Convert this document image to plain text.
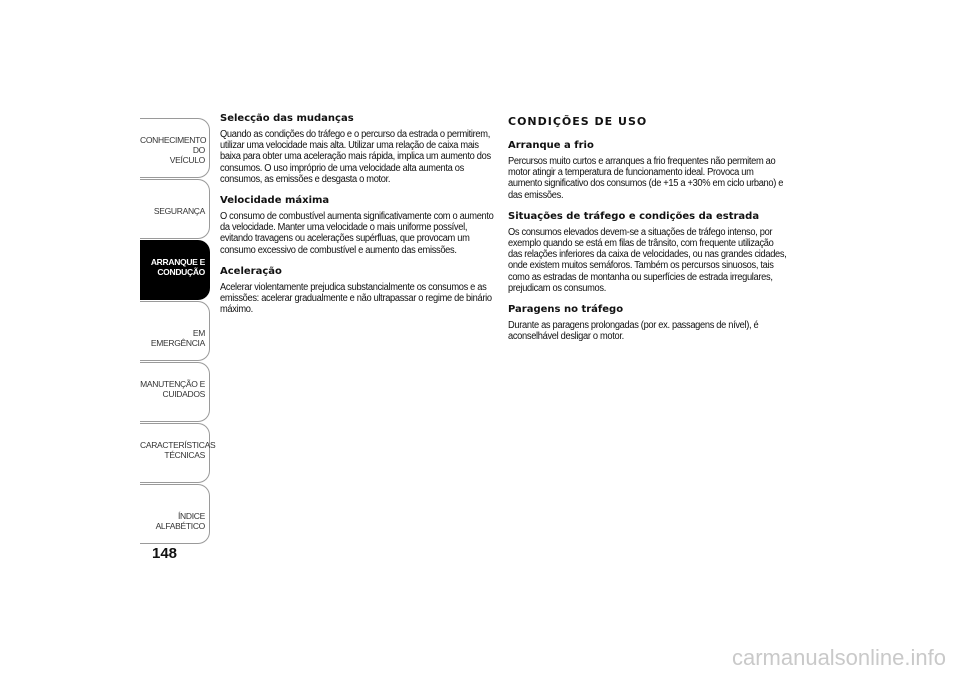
CONHECIMENTO DO
VEÍCULO

SEGURANÇA
ARRANQUE E
CONDUÇÃO

EM EMERGÊNCIA
MANUTENÇÃO E
CUIDADOS
CARACTERÍSTICAS
TÉCNICAS

ÍNDICE ALFABÉTICO
148
Selecção das mudanças

Quando as condições do tráfego e o percurso da estrada o permitirem, utilizar uma velocidade mais alta. Utilizar uma relação de caixa mais baixa para obter uma aceleração mais rápida, implica um aumento dos consumos. O uso impróprio de uma velocidade alta aumenta os consumos, as emissões e desgasta o motor.

Velocidade máxima

O consumo de combustível aumenta significativamente com o aumento da velocidade. Manter uma velocidade o mais uniforme possível, evitando travagens ou acelerações supérfluas, que provocam um consumo excessivo de combustível e aumento das emissões.

Aceleração

Acelerar violentamente prejudica substancialmente os consumos e as emissões: acelerar gradualmente e não ultrapassar o regime de binário máximo.

CONDIÇÕES DE USO
Arranque a frio

Percursos muito curtos e arranques a frio frequentes não permitem ao motor atingir a temperatura de funcionamento ideal. Provoca um aumento significativo dos consumos (de +15 a +30% em ciclo urbano) e das emissões.

Situações de tráfego e condições da estrada

Os consumos elevados devem-se a situações de tráfego intenso, por exemplo quando se está em filas de trânsito, com frequente utilização das relações inferiores da caixa de velocidades, ou nas grandes cidades, onde existem muitos semáforos. Também os percursos sinuosos, tais como as estradas de montanha ou superfícies de estrada irregulares, prejudicam os consumos.

Paragens no tráfego

Durante as paragens prolongadas (por ex. passagens de nível), é aconselhável desligar o motor.

carmanualsonline.info
